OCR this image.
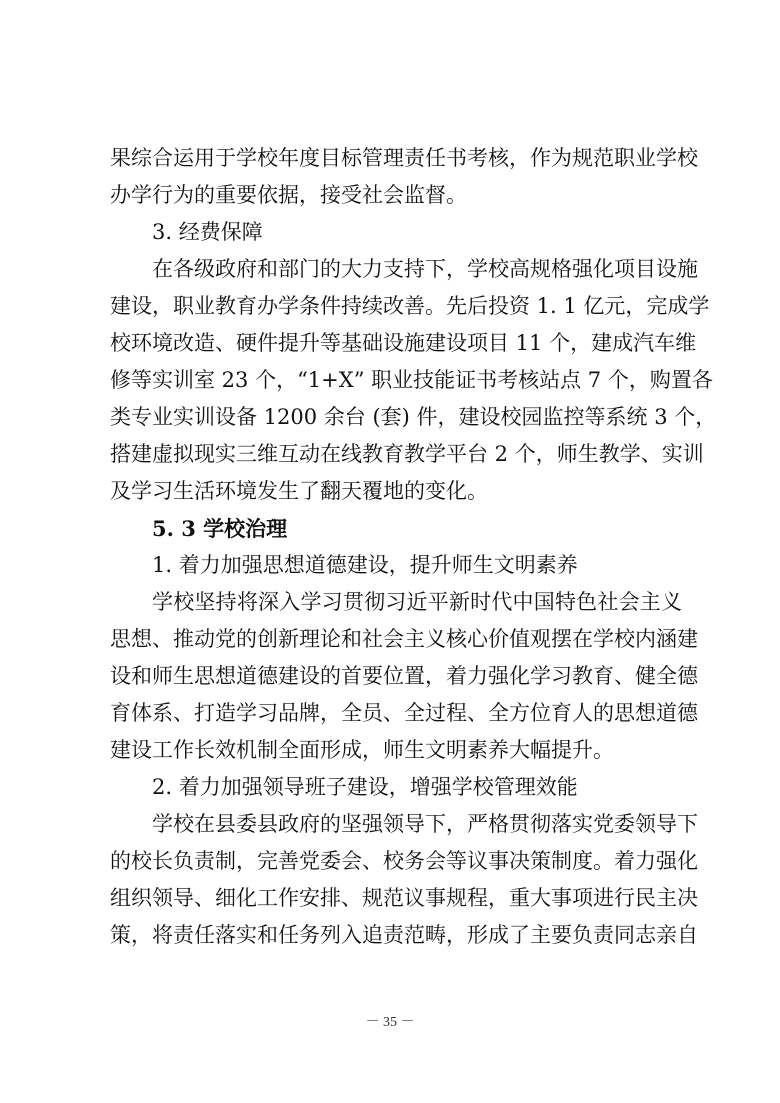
果综合运用于学校年度目标管理责任书考核，作为规范职业学校
办学行为的重要依据，接受社会监督。
3. 经费保障
在各级政府和部门的大力支持下，学校高规格强化项目设施
建设，职业教育办学条件持续改善。先后投资 1. 1 亿元，完成学
校环境改造、硬件提升等基础设施建设项目 11 个，建成汽车维
修等实训室 23 个，“1+X” 职业技能证书考核站点 7 个，购置各
类专业实训设备 1200 余台 (套) 件，建设校园监控等系统 3 个，
搭建虚拟现实三维互动在线教育教学平台 2 个，师生教学、实训
及学习生活环境发生了翻天覆地的变化。
5. 3 学校治理
1. 着力加强思想道德建设，提升师生文明素养
学校坚持将深入学习贯彻习近平新时代中国特色社会主义
思想、推动党的创新理论和社会主义核心价值观摆在学校内涵建
设和师生思想道德建设的首要位置，着力强化学习教育、健全德
育体系、打造学习品牌，全员、全过程、全方位育人的思想道德
建设工作长效机制全面形成，师生文明素养大幅提升。
2. 着力加强领导班子建设，增强学校管理效能
学校在县委县政府的坚强领导下，严格贯彻落实党委领导下
的校长负责制，完善党委会、校务会等议事决策制度。着力强化
组织领导、细化工作安排、规范议事规程，重大事项进行民主决
策，将责任落实和任务列入追责范畴，形成了主要负责同志亲自
－ 35 －
